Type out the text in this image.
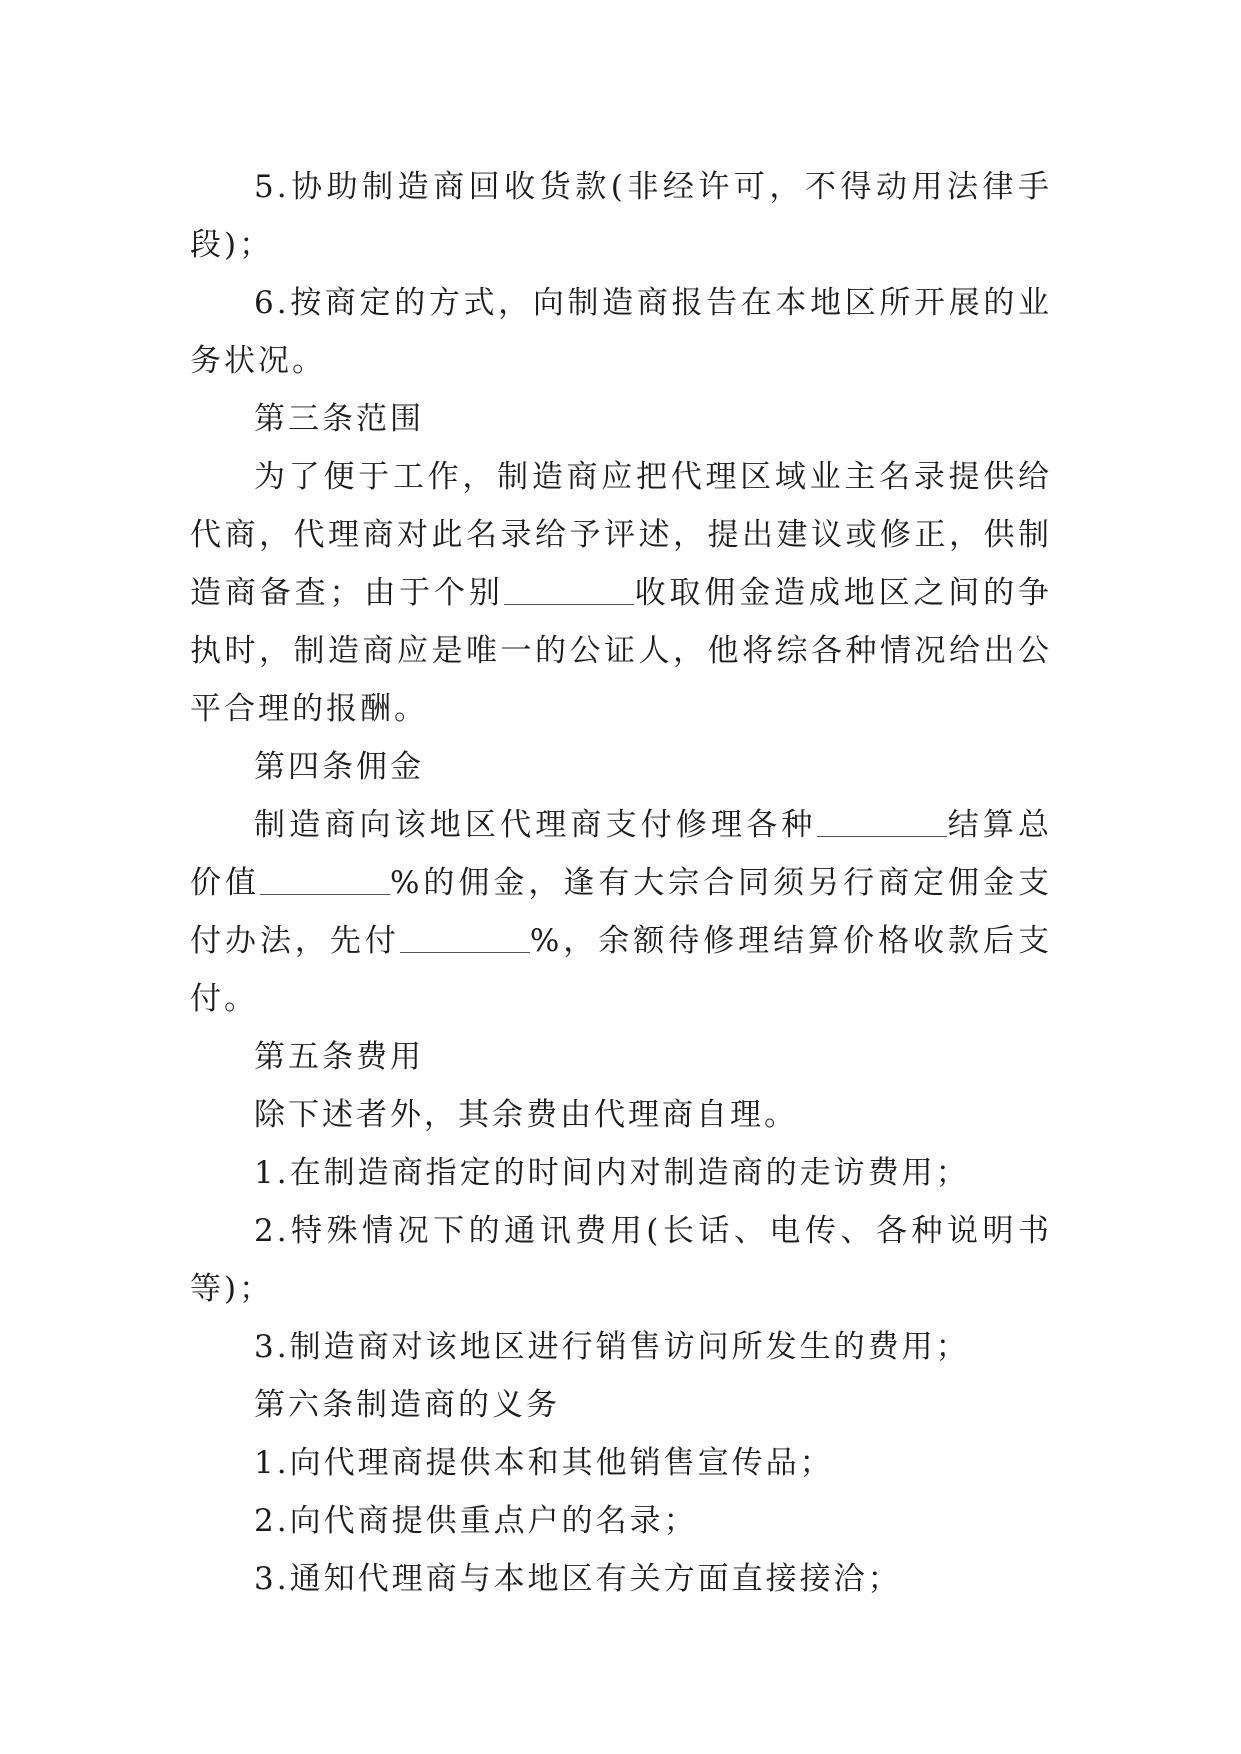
5.协助制造商回收货款(非经许可，不得动用法律手段)；

6.按商定的方式，向制造商报告在本地区所开展的业务状况。

第三条范围

为了便于工作，制造商应把代理区域业主名录提供给代商，代理商对此名录给予评述，提出建议或修正，供制造商备查；由于个别	收取佣金造成地区之间的争执时，制造商应是唯一的公证人，他将综各种情况给出公平合理的报酬。

第四条佣金

制造商向该地区代理商支付修理各种	结算总价值	%的佣金，逢有大宗合同须另行商定佣金支付办法，先付	%，余额待修理结算价格收款后支付。

第五条费用

除下述者外，其余费由代理商自理。

1.在制造商指定的时间内对制造商的走访费用；

2.特殊情况下的通讯费用(长话、电传、各种说明书等)；

3.制造商对该地区进行销售访问所发生的费用；

第六条制造商的义务

1.向代理商提供本和其他销售宣传品；

2.向代商提供重点户的名录；

3.通知代理商与本地区有关方面直接接洽；
